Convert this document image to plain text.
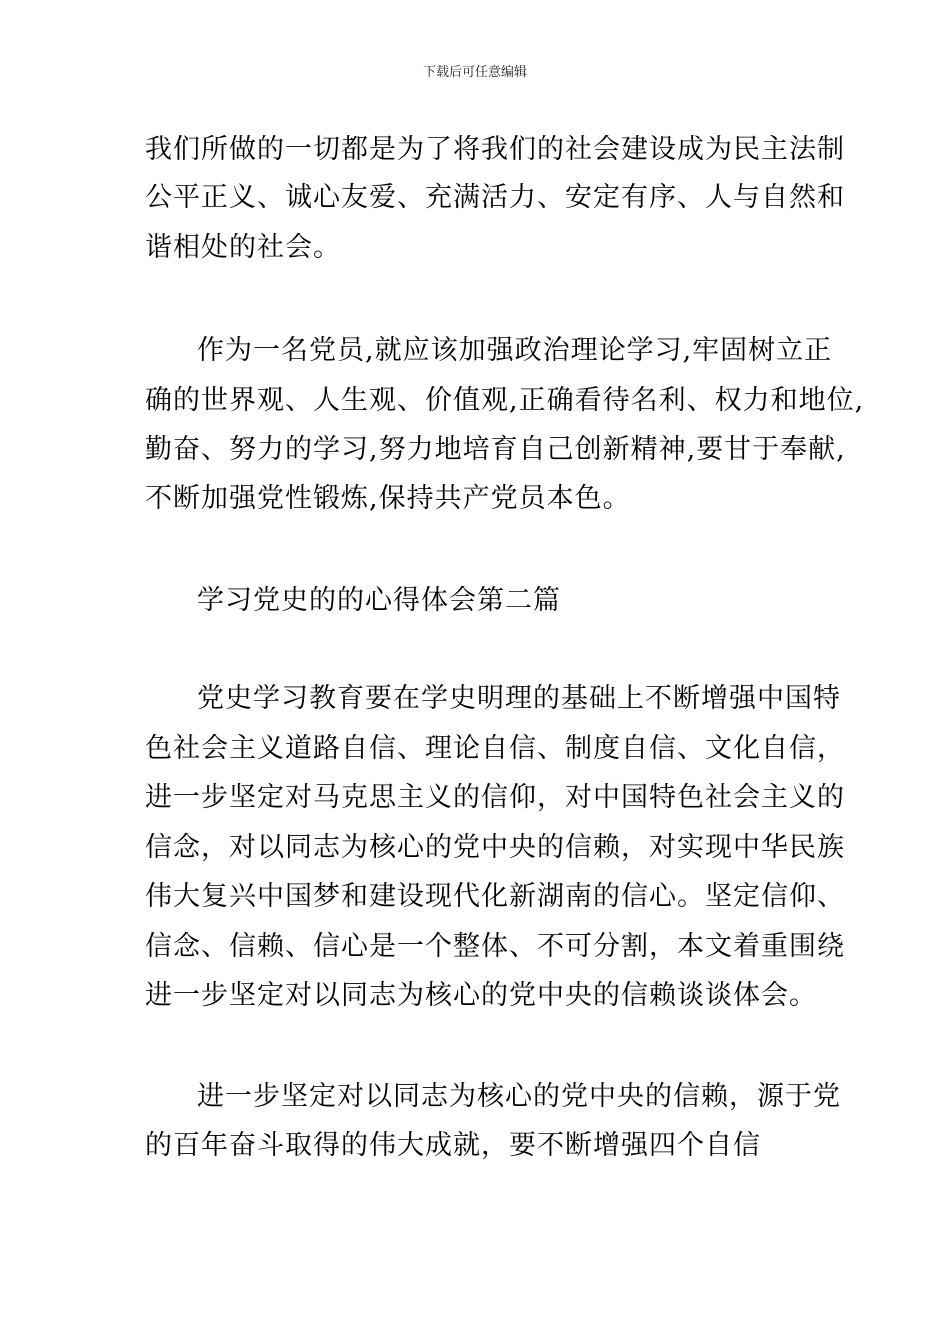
下载后可任意编辑
我们所做的一切都是为了将我们的社会建设成为民主法制
公平正义、诚心友爱、充满活力、安定有序、人与自然和
谐相处的社会。
作为一名党员,就应该加强政治理论学习,牢固树立正
确的世界观、人生观、价值观,正确看待名利、权力和地位,
勤奋、努力的学习,努力地培育自己创新精神,要甘于奉献,
不断加强党性锻炼,保持共产党员本色。
学习党史的的心得体会第二篇
党史学习教育要在学史明理的基础上不断增强中国特
色社会主义道路自信、理论自信、制度自信、文化自信，
进一步坚定对马克思主义的信仰，对中国特色社会主义的
信念，对以同志为核心的党中央的信赖，对实现中华民族
伟大复兴中国梦和建设现代化新湖南的信心。坚定信仰、
信念、信赖、信心是一个整体、不可分割，本文着重围绕
进一步坚定对以同志为核心的党中央的信赖谈谈体会。
进一步坚定对以同志为核心的党中央的信赖，源于党
的百年奋斗取得的伟大成就，要不断增强四个自信
